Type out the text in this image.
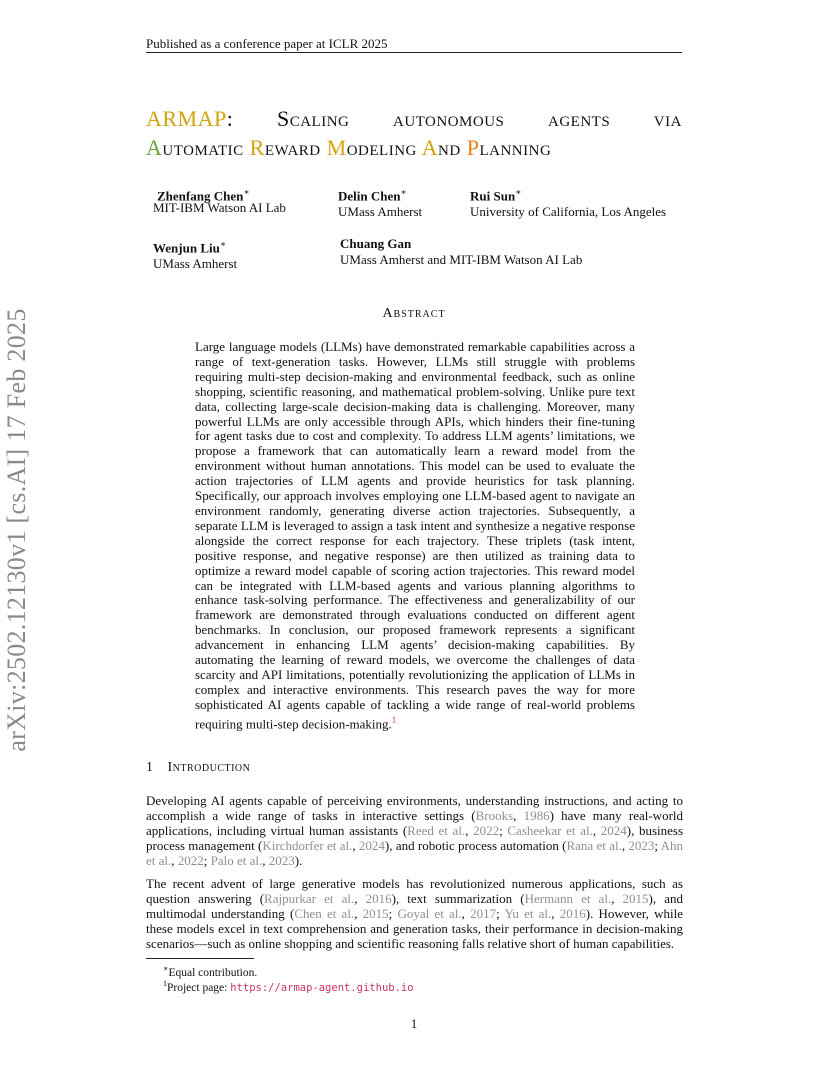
Published as a conference paper at ICLR 2025
arXiv:2502.12130v1 [cs.AI] 17 Feb 2025
ARMAP: Scaling autonomous agents via
Automatic Reward Modeling And Planning
Zhenfang Chen∗
MIT-IBM Watson AI Lab
Delin Chen∗
UMass Amherst
Rui Sun∗
University of California, Los Angeles
Wenjun Liu∗
UMass Amherst
Chuang Gan
UMass Amherst and MIT-IBM Watson AI Lab
Abstract
Large language models (LLMs) have demonstrated remarkable capabilities across a range of text-generation tasks. However, LLMs still struggle with problems requiring multi-step decision-making and environmental feedback, such as online shopping, scientific reasoning, and mathematical problem-solving. Unlike pure text data, collecting large-scale decision-making data is challenging. Moreover, many powerful LLMs are only accessible through APIs, which hinders their fine-tuning for agent tasks due to cost and complexity. To address LLM agents’ limitations, we propose a framework that can automatically learn a reward model from the environment without human annotations. This model can be used to evaluate the action trajectories of LLM agents and provide heuristics for task planning. Specifically, our approach involves employing one LLM-based agent to navigate an environment randomly, generating diverse action trajectories. Subsequently, a separate LLM is leveraged to assign a task intent and synthesize a negative response alongside the correct response for each trajectory. These triplets (task intent, positive response, and negative response) are then utilized as training data to optimize a reward model capable of scoring action trajectories. This reward model can be integrated with LLM-based agents and various planning algorithms to enhance task-solving performance. The effectiveness and generalizability of our framework are demonstrated through evaluations conducted on different agent benchmarks. In conclusion, our proposed framework represents a significant advancement in enhancing LLM agents’ decision-making capabilities. By automating the learning of reward models, we overcome the challenges of data scarcity and API limitations, potentially revolutionizing the application of LLMs in complex and interactive environments. This research paves the way for more sophisticated AI agents capable of tackling a wide range of real-world problems requiring multi-step decision-making.$^1$
1 Introduction
Developing AI agents capable of perceiving environments, understanding instructions, and acting to accomplish a wide range of tasks in interactive settings (Brooks, 1986) have many real-world applications, including virtual human assistants (Reed et al., 2022; Casheekar et al., 2024), business process management (Kirchdorfer et al., 2024), and robotic process automation (Rana et al., 2023; Ahn et al., 2022; Palo et al., 2023).
The recent advent of large generative models has revolutionized numerous applications, such as question answering (Rajpurkar et al., 2016), text summarization (Hermann et al., 2015), and multimodal understanding (Chen et al., 2015; Goyal et al., 2017; Yu et al., 2016). However, while these models excel in text comprehension and generation tasks, their performance in decision-making scenarios—such as online shopping and scientific reasoning falls relative short of human capabilities.
∗Equal contribution.
$^1$Project page: https://armap-agent.github.io
1
